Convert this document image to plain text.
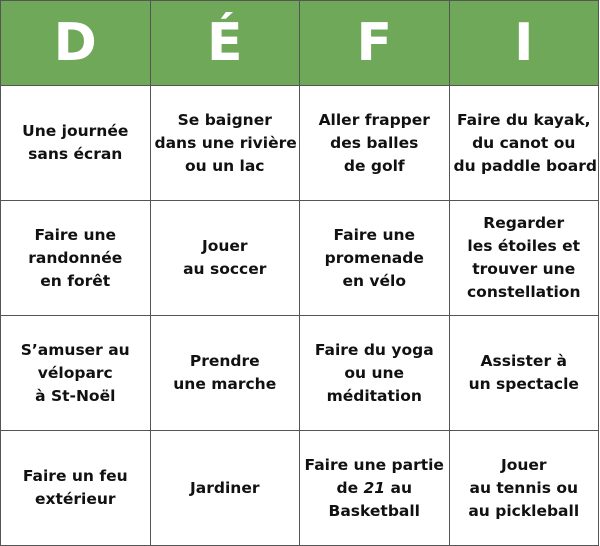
D	É	F	I

Une journée
sans écran	Se baigner
dans une rivière
ou un lac	Aller frapper
des balles
de golf	Faire du kayak,
du canot ou
du paddle board

Faire une
randonnée
en forêt	Jouer
au soccer	Faire une
promenade
en vélo	Regarder
les étoiles et
trouver une
constellation

S’amuser au
véloparc
à St-Noël	Prendre
une marche	Faire du yoga
ou une
méditation	Assister à
un spectacle

Faire un feu
extérieur	Jardiner	Faire une partie
de 21 au
Basketball	Jouer
au tennis ou
au pickleball
